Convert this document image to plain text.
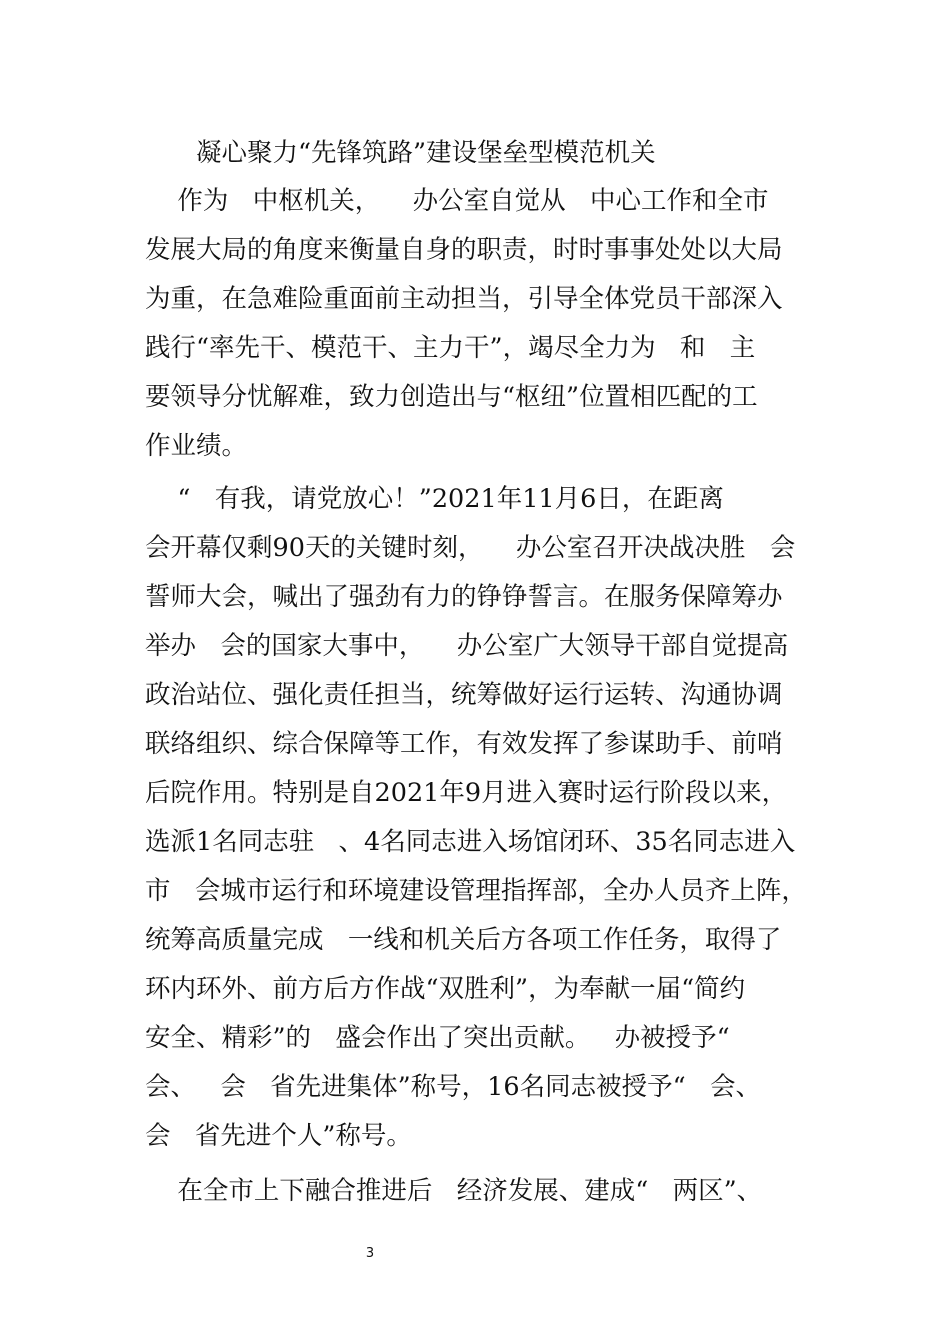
凝心聚力“先锋筑路”建设堡垒型模范机关
作为   中枢机关，    办公室自觉从   中心工作和全市
发展大局的角度来衡量自身的职责，时时事事处处以大局
为重，在急难险重面前主动担当，引导全体党员干部深入
践行“率先干、模范干、主力干”，竭尽全力为   和   主
要领导分忧解难，致力创造出与“枢纽”位置相匹配的工
作业绩。
“   有我，请党放心！”2021年11月6日，在距离
会开幕仅剩90天的关键时刻，    办公室召开决战决胜   会
誓师大会，喊出了强劲有力的铮铮誓言。在服务保障筹办
举办   会的国家大事中，    办公室广大领导干部自觉提高
政治站位、强化责任担当，统筹做好运行运转、沟通协调
联络组织、综合保障等工作，有效发挥了参谋助手、前哨
后院作用。特别是自2021年9月进入赛时运行阶段以来，
选派1名同志驻   、4名同志进入场馆闭环、35名同志进入
市   会城市运行和环境建设管理指挥部，全办人员齐上阵，
统筹高质量完成   一线和机关后方各项工作任务，取得了
环内环外、前方后方作战“双胜利”，为奉献一届“简约
安全、精彩”的   盛会作出了突出贡献。   办被授予“
会、   会   省先进集体”称号，16名同志被授予“   会、
会   省先进个人”称号。
在全市上下融合推进后   经济发展、建成“   两区”、
3
